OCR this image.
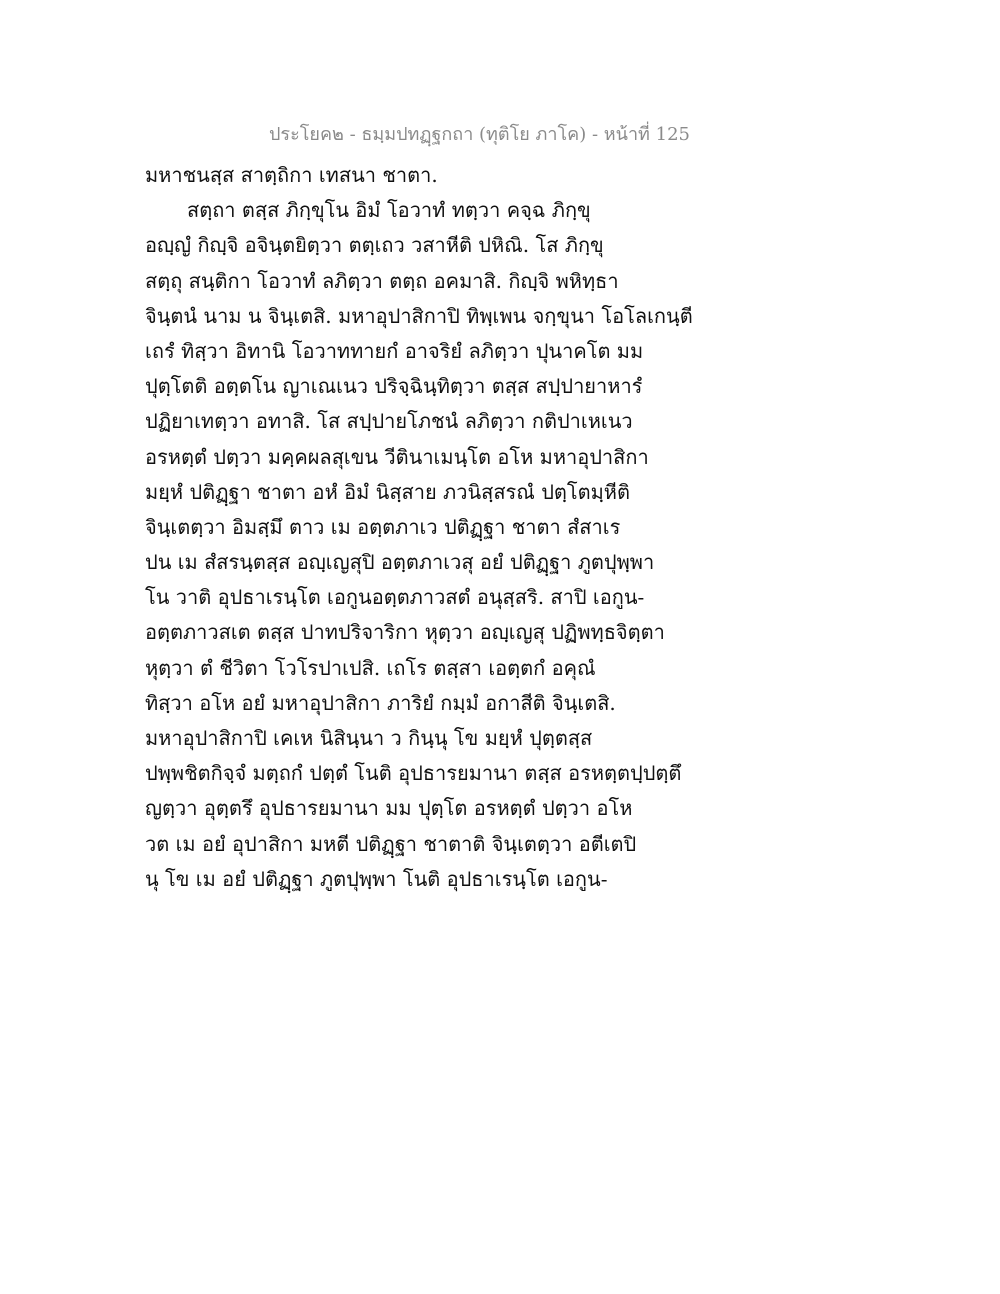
ประโยค๒ - ธมฺมปทฏฺฐกถา (ทุติโย ภาโค) - หน้าที่ 125
มหาชนสฺส สาตฺถิกา เทสนา ชาตา.
สตฺถา ตสฺส ภิกฺขุโน อิมํ โอวาทํ ทตฺวา คจฺฉ ภิกฺขุ
อญฺญํ กิญฺจิ อจินฺตยิตฺวา ตตฺเถว วสาหีติ ปหิณิ. โส ภิกฺขุ
สตฺถุ สนฺติกา โอวาทํ ลภิตฺวา ตตฺถ อคมาสิ. กิญฺจิ พหิทฺธา
จินฺตนํ นาม น จินฺเตสิ. มหาอุปาสิกาปิ ทิพฺเพน จกฺขุนา โอโลเกนฺตี
เถรํ ทิสฺวา อิทานิ โอวาททายกํ อาจริยํ ลภิตฺวา ปุนาคโต มม
ปุตฺโตติ อตฺตโน ญาเณเนว ปริจฺฉินฺทิตฺวา ตสฺส สปฺปายาหารํ
ปฏิยาเทตฺวา อทาสิ. โส สปฺปายโภชนํ ลภิตฺวา กติปาเหเนว
อรหตฺตํ ปตฺวา มคฺคผลสุเขน วีตินาเมนฺโต อโห มหาอุปาสิกา
มยฺหํ ปติฏฺฐา ชาตา อหํ อิมํ นิสฺสาย ภวนิสฺสรณํ ปตฺโตมฺหีติ
จินฺเตตฺวา อิมสฺมึ ตาว เม อตฺตภาเว ปติฏฺฐา ชาตา สํสาเร
ปน เม สํสรนฺตสฺส อญฺเญสุปิ อตฺตภาเวสุ อยํ ปติฏฺฐา ภูตปุพฺพา
โน วาติ อุปธาเรนฺโต เอกูนอตฺตภาวสตํ อนุสฺสริ. สาปิ เอกูน-
อตฺตภาวสเต ตสฺส ปาทปริจาริกา หุตฺวา อญฺเญสุ ปฏิพทฺธจิตฺตา
หุตฺวา ตํ ชีวิตา โวโรปาเปสิ. เถโร ตสฺสา เอตฺตกํ อคุณํ
ทิสฺวา อโห อยํ มหาอุปาสิกา ภาริยํ กมฺมํ อกาสีติ จินฺเตสิ.
มหาอุปาสิกาปิ เคเห นิสินฺนา ว กินฺนุ โข มยฺหํ ปุตฺตสฺส
ปพฺพชิตกิจฺจํ มตฺถกํ ปตฺตํ โนติ อุปธารยมานา ตสฺส อรหตฺตปฺปตฺตึ
ญตฺวา อุตฺตรึ อุปธารยมานา มม ปุตฺโต อรหตฺตํ ปตฺวา อโห
วต เม อยํ อุปาสิกา มหตี ปติฏฺฐา ชาตาติ จินฺเตตฺวา อตีเตปิ
นุ โข เม อยํ ปติฏฺฐา ภูตปุพฺพา โนติ อุปธาเรนฺโต เอกูน-
